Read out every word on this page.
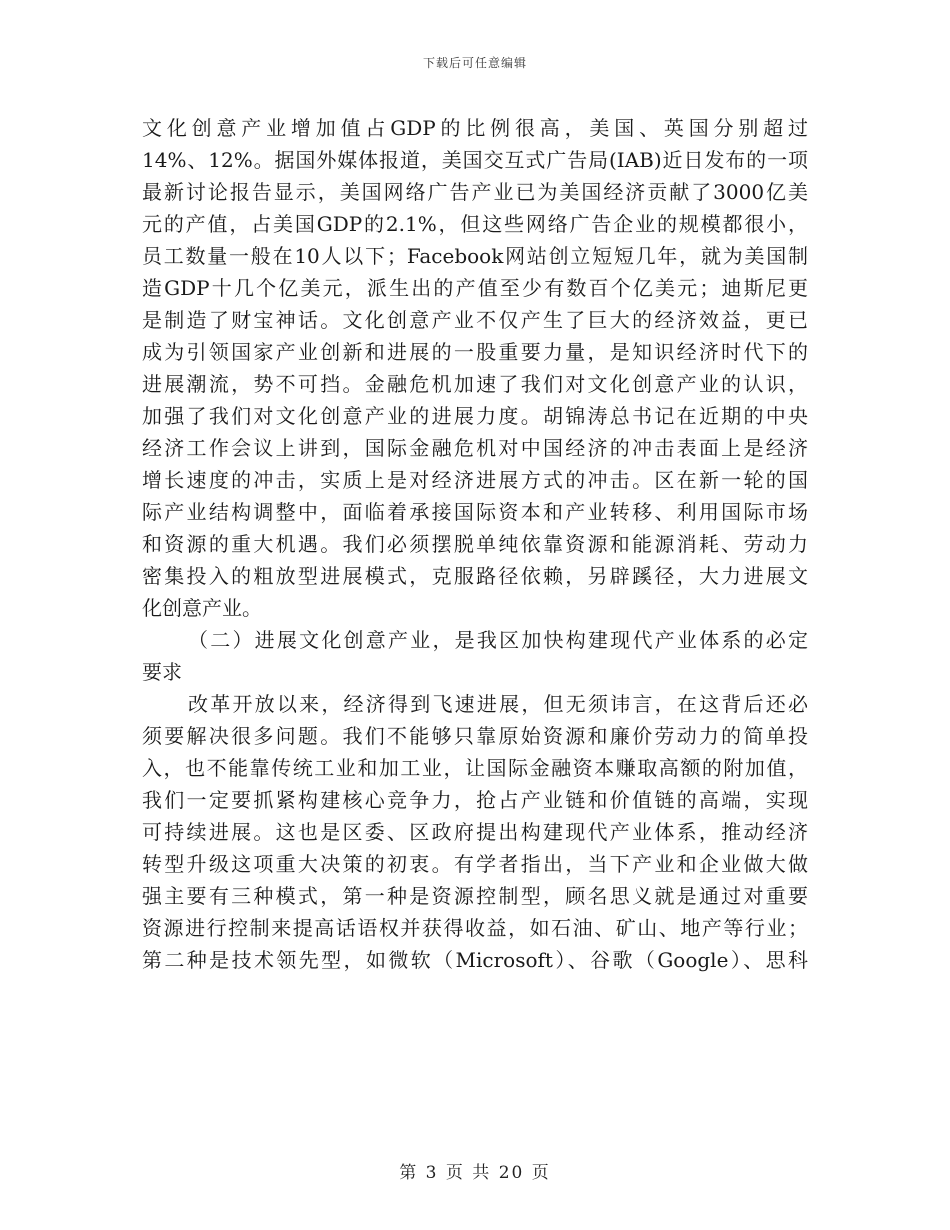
下载后可任意编辑
文化创意产业增加值占GDP的比例很高，美国、英国分别超过
14%、12%。据国外媒体报道，美国交互式广告局(IAB)近日发布的一项
最新讨论报告显示，美国网络广告产业已为美国经济贡献了3000亿美
元的产值，占美国GDP的2.1%，但这些网络广告企业的规模都很小，
员工数量一般在10人以下；Facebook网站创立短短几年，就为美国制
造GDP十几个亿美元，派生出的产值至少有数百个亿美元；迪斯尼更
是制造了财宝神话。文化创意产业不仅产生了巨大的经济效益，更已
成为引领国家产业创新和进展的一股重要力量，是知识经济时代下的
进展潮流，势不可挡。金融危机加速了我们对文化创意产业的认识，
加强了我们对文化创意产业的进展力度。胡锦涛总书记在近期的中央
经济工作会议上讲到，国际金融危机对中国经济的冲击表面上是经济
增长速度的冲击，实质上是对经济进展方式的冲击。区在新一轮的国
际产业结构调整中，面临着承接国际资本和产业转移、利用国际市场
和资源的重大机遇。我们必须摆脱单纯依靠资源和能源消耗、劳动力
密集投入的粗放型进展模式，克服路径依赖，另辟蹊径，大力进展文
化创意产业。
（二）进展文化创意产业，是我区加快构建现代产业体系的必定
要求
改革开放以来，经济得到飞速进展，但无须讳言，在这背后还必
须要解决很多问题。我们不能够只靠原始资源和廉价劳动力的简单投
入，也不能靠传统工业和加工业，让国际金融资本赚取高额的附加值，
我们一定要抓紧构建核心竞争力，抢占产业链和价值链的高端，实现
可持续进展。这也是区委、区政府提出构建现代产业体系，推动经济
转型升级这项重大决策的初衷。有学者指出，当下产业和企业做大做
强主要有三种模式，第一种是资源控制型，顾名思义就是通过对重要
资源进行控制来提高话语权并获得收益，如石油、矿山、地产等行业；
第二种是技术领先型，如微软（Microsoft）、谷歌（Google）、思科
第 3 页 共 20 页
